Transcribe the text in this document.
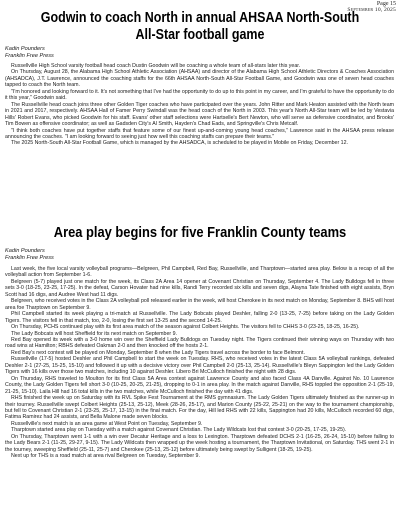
Page 15
September 10, 2025
Godwin to coach North in annual AHSAA North-South
All-Star football game
Kadin Pounders
Franklin Free Press

Russellville High School varsity football head coach Dustin Goodwin will be coaching a whole team of all-stars later this year.

On Thursday, August 28, the Alabama High School Athletic Association (AHSAA) and director of the Alabama High School Athletic Directors & Coaches Association (AHSADCA), J.T. Lawrence, announced the coaching staffs for the 66th AHSAA North-South All-Star Football Game, and Goodwin was one of seven head coaches tapped to coach the North team.

"I'm honored and looking forward to it. It's not something that I've had the opportunity to do up to this point in my career, and I'm grateful to have the opportunity to do it this year," Goodwin said.

The Russellville head coach joins three other Golden Tiger coaches who have participated over the years. John Ritter and Mark Heaton assisted with the North team in 2021 and 2017, respectively. AHSAA Hall of Famer Perry Swindall was the head coach of the North in 2003. This year's North All-Star team will be led by Vestavia Hills' Robert Evans, who picked Goodwin for his staff. Evans' other staff selections were Hartselle's Bert Newton, who will serve as defensive coordinator, and Brooks' Tim Bowen as offensive coordinator; as well as Gadsden City's Al Smith, Hayden's Chad Eads, and Springville's Chris Metcalf.

"I think both coaches have put together staffs that feature some of our finest up-and-coming young head coaches," Lawrence said in the AHSAA press release announcing the coaches. "I am looking forward to seeing just how well this coaching staffs can prepare their teams."

The 2025 North-South All-Star Football Game, which is managed by the AHSADCA, is scheduled to be played in Mobile on Friday, December 12.

Area play begins for five Franklin County teams
Kadin Pounders
Franklin Free Press

Last week, the five local varsity volleyball programs—Belgreen, Phil Campbell, Red Bay, Russellville, and Tharptown—started area play. Below is a recap of all the volleyball action from September 1-6.

Belgreen (5-7) played just one match for the week, its Class 2A Area 14 opener at Covenant Christian on Thursday, September 4. The Lady Bulldogs fell in three sets 3-0 (18-25, 23-25, 17-25). In the defeat, Carson Hovater had nine kills, Randi Terry recorded six kills and seven digs, Alayna Tate finished with eight assists, Bryn Scott had 16 digs, and Audree West had 11 digs.

Belgreen, who received votes in the Class 2A volleyball poll released earlier in the week, will host Cherokee in its next match on Monday, September 8. BHS will host area foe Tharptown on September 9.

Phil Campbell started its week playing a tri-match at Russellville. The Lady Bobcats played Deshler, falling 2-0 (13-25, 7-25) before taking on the Lady Golden Tigers. The visitors fell in that match, too, 2-0, losing the first set 13-25 and the second 14-25.

On Thursday, PCHS continued play with its first area match of the season against Colbert Heights. The visitors fell to CHHS 3-0 (23-25, 18-25, 16-25).

The Lady Bobcats will host Sheffield for its next match on September 9.

Red Bay opened its week with a 3-0 home win over the Sheffield Lady Bulldogs on Tuesday night. The Tigers continued their winning ways on Thursday with two road wins at Hamilton; RBHS defeated Oakman 2-0 and then knocked off the hosts 2-1.

Red Bay's next contest will be played on Monday, September 8 when the Lady Tigers travel across the border to face Belmont.

Russellville (17-5) hosted Deshler and Phil Campbell to start the week on Tuesday. RHS, who received votes in the latest Class 5A volleyball rankings, defeated Deshler 2-1 (27-25, 15-25, 15-10) and followed it up with a decisive victory over Phil Campbell 2-0 (25-13, 25-14). Russellville's Bleyn Sappington led the Lady Golden Tigers with 16 kills over those two matches, including 10 against Deshler. Libero Bri McCulloch finished the night with 28 digs.

On Thursday, RHS traveled to Moulton for its first Class 5A Area contest against Lawrence County and also faced Class 4A Danville. Against No. 10 Lawrence County, the Lady Golden Tigers fell short 3-0 (10-25, 20-25, 21-25), dropping to 0-1 in area play. In the match against Danville, RHS toppled the opposition 2-1 (25-19, 21-25, 15-10). Laila Hill had 16 total kills in the two matches, while McCulloch finished the day with 41 digs.

RHS finished the week up on Saturday with its RVL Spike Fest Tournament at the RMS gymnasium. The Lady Golden Tigers ultimately finished as the runner-up in their tourney. Russellville swept Colbert Heights (25-13, 25-12), Meek (28-26, 25-17), and Marion County (25-22, 25-21) on the way to the tournament championship, but fell to Covenant Christian 2-1 (23-25, 25-17, 13-15) in the final match. For the day, Hill led RHS with 22 kills, Sappington had 20 kills, McCulloch recorded 60 digs, Fatima Ramirez had 24 assists, and Bella Malone made seven blocks.

Russellville's next match is an area game at West Point on Tuesday, September 9.

Tharptown started area play on Tuesday with a match against Covenant Christian. The Lady Wildcats lost that contest 3-0 (20-25, 17-25, 19-25).

On Thursday, Tharptown went 1-1 with a win over Decatur Heritage and a loss to Lexington. Tharptown defeated DCHS 2-1 (16-25, 26-24, 15-10) before falling to the Lady Bears 2-1 (11-25, 29-27, 9-15). The Lady Wildcats then wrapped up the week hosting a tournament, the Tharptown Invitational, on Saturday. THS went 2-1 in the tourney, sweeping Sheffield (25-11, 25-7) and Cherokee (25-13, 25-12) before ultimately being swept by Sulligent (18-25, 19-25).

Next up for THS is a road match at area rival Belgreen on Tuesday, September 9.
